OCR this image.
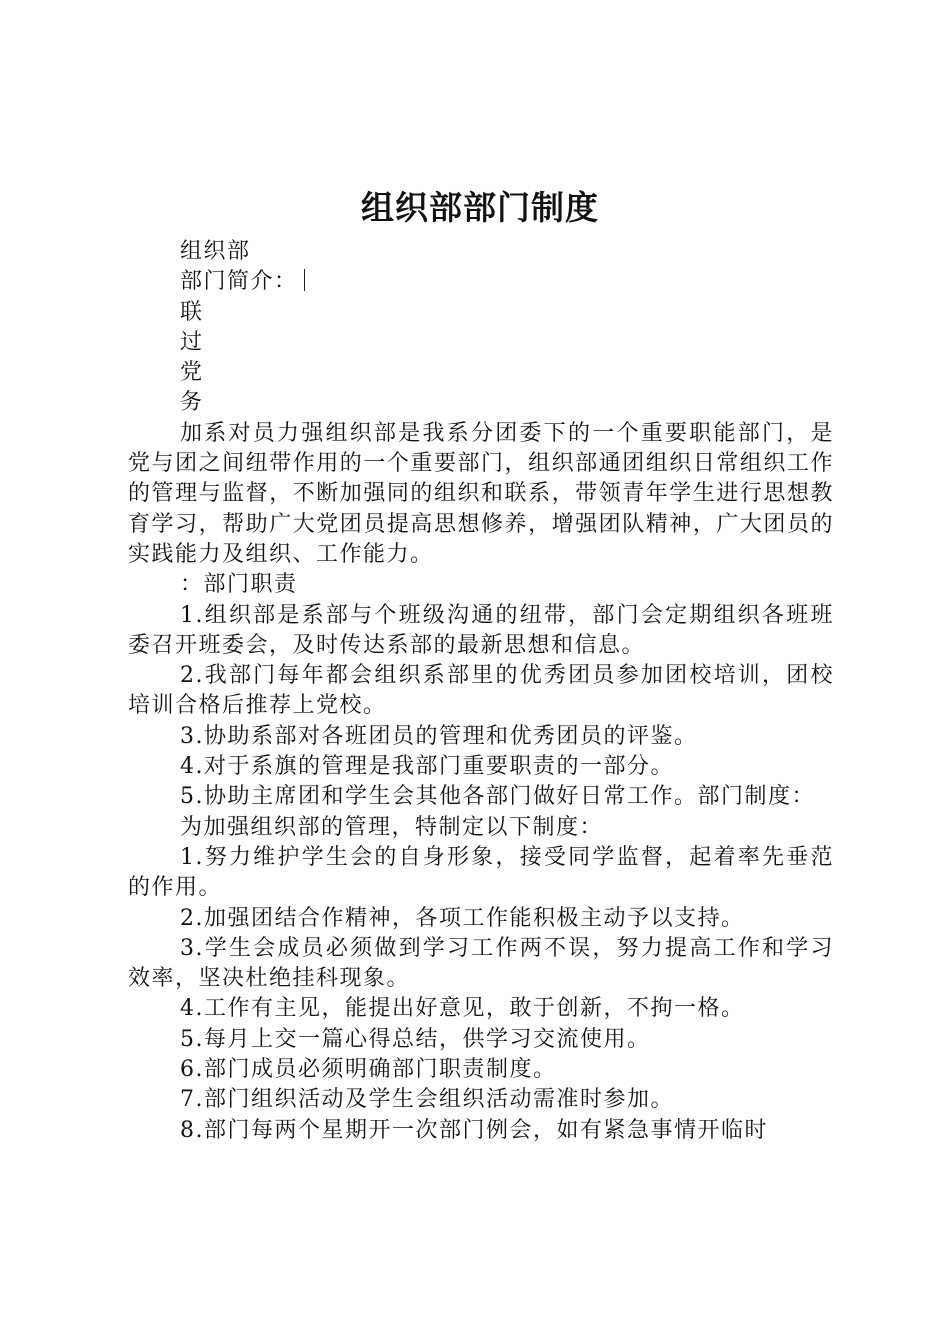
组织部部门制度

组织部

部门简介：

联

过

党

务

加系对员力强组织部是我系分团委下的一个重要职能部门，是党与团之间纽带作用的一个重要部门，组织部通团组织日常组织工作的管理与监督，不断加强同的组织和联系，带领青年学生进行思想教育学习，帮助广大党团员提高思想修养，增强团队精神，广大团员的实践能力及组织、工作能力。

：部门职责

1.组织部是系部与个班级沟通的纽带，部门会定期组织各班班委召开班委会，及时传达系部的最新思想和信息。

2.我部门每年都会组织系部里的优秀团员参加团校培训，团校培训合格后推荐上党校。

3.协助系部对各班团员的管理和优秀团员的评鉴。

4.对于系旗的管理是我部门重要职责的一部分。

5.协助主席团和学生会其他各部门做好日常工作。部门制度：

为加强组织部的管理，特制定以下制度：

1.努力维护学生会的自身形象，接受同学监督，起着率先垂范的作用。

2.加强团结合作精神，各项工作能积极主动予以支持。

3.学生会成员必须做到学习工作两不误，努力提高工作和学习效率，坚决杜绝挂科现象。

4.工作有主见，能提出好意见，敢于创新，不拘一格。

5.每月上交一篇心得总结，供学习交流使用。

6.部门成员必须明确部门职责制度。

7.部门组织活动及学生会组织活动需准时参加。

8.部门每两个星期开一次部门例会，如有紧急事情开临时
